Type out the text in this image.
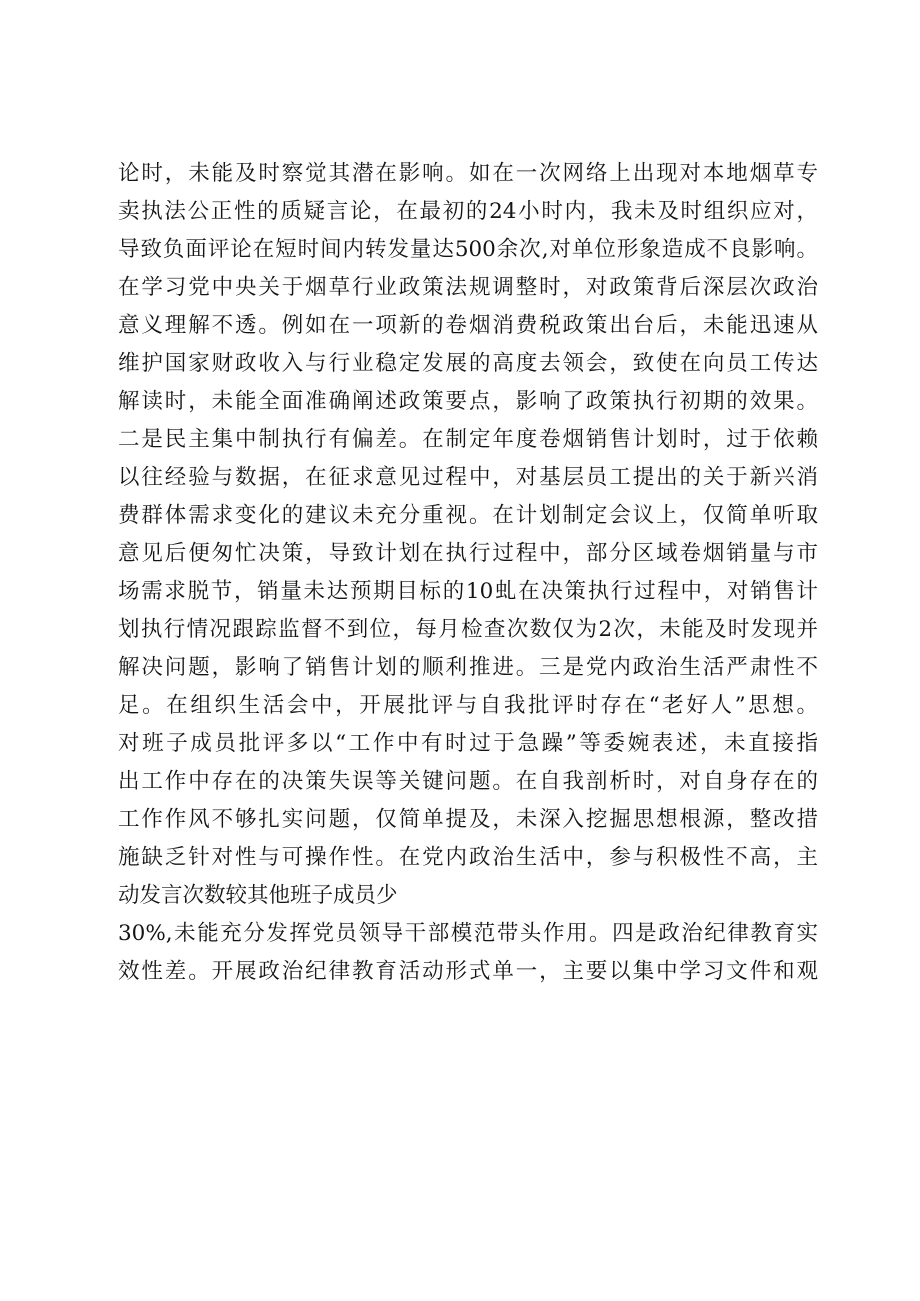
论时，未能及时察觉其潜在影响。如在一次网络上出现对本地烟草专
卖执法公正性的质疑言论，在最初的24小时内，我未及时组织应对，
导致负面评论在短时间内转发量达500余次,对单位形象造成不良影响。
在学习党中央关于烟草行业政策法规调整时，对政策背后深层次政治
意义理解不透。例如在一项新的卷烟消费税政策出台后，未能迅速从
维护国家财政收入与行业稳定发展的高度去领会，致使在向员工传达
解读时，未能全面准确阐述政策要点，影响了政策执行初期的效果。
二是民主集中制执行有偏差。在制定年度卷烟销售计划时，过于依赖
以往经验与数据，在征求意见过程中，对基层员工提出的关于新兴消
费群体需求变化的建议未充分重视。在计划制定会议上，仅简单听取
意见后便匆忙决策，导致计划在执行过程中，部分区域卷烟销量与市
场需求脱节，销量未达预期目标的10虬在决策执行过程中，对销售计
划执行情况跟踪监督不到位，每月检查次数仅为2次，未能及时发现并
解决问题，影响了销售计划的顺利推进。三是党内政治生活严肃性不
足。在组织生活会中，开展批评与自我批评时存在“老好人”思想。
对班子成员批评多以“工作中有时过于急躁”等委婉表述，未直接指
出工作中存在的决策失误等关键问题。在自我剖析时，对自身存在的
工作作风不够扎实问题，仅简单提及，未深入挖掘思想根源，整改措
施缺乏针对性与可操作性。在党内政治生活中，参与积极性不高，主
动发言次数较其他班子成员少
30%,未能充分发挥党员领导干部模范带头作用。四是政治纪律教育实
效性差。开展政治纪律教育活动形式单一，主要以集中学习文件和观
